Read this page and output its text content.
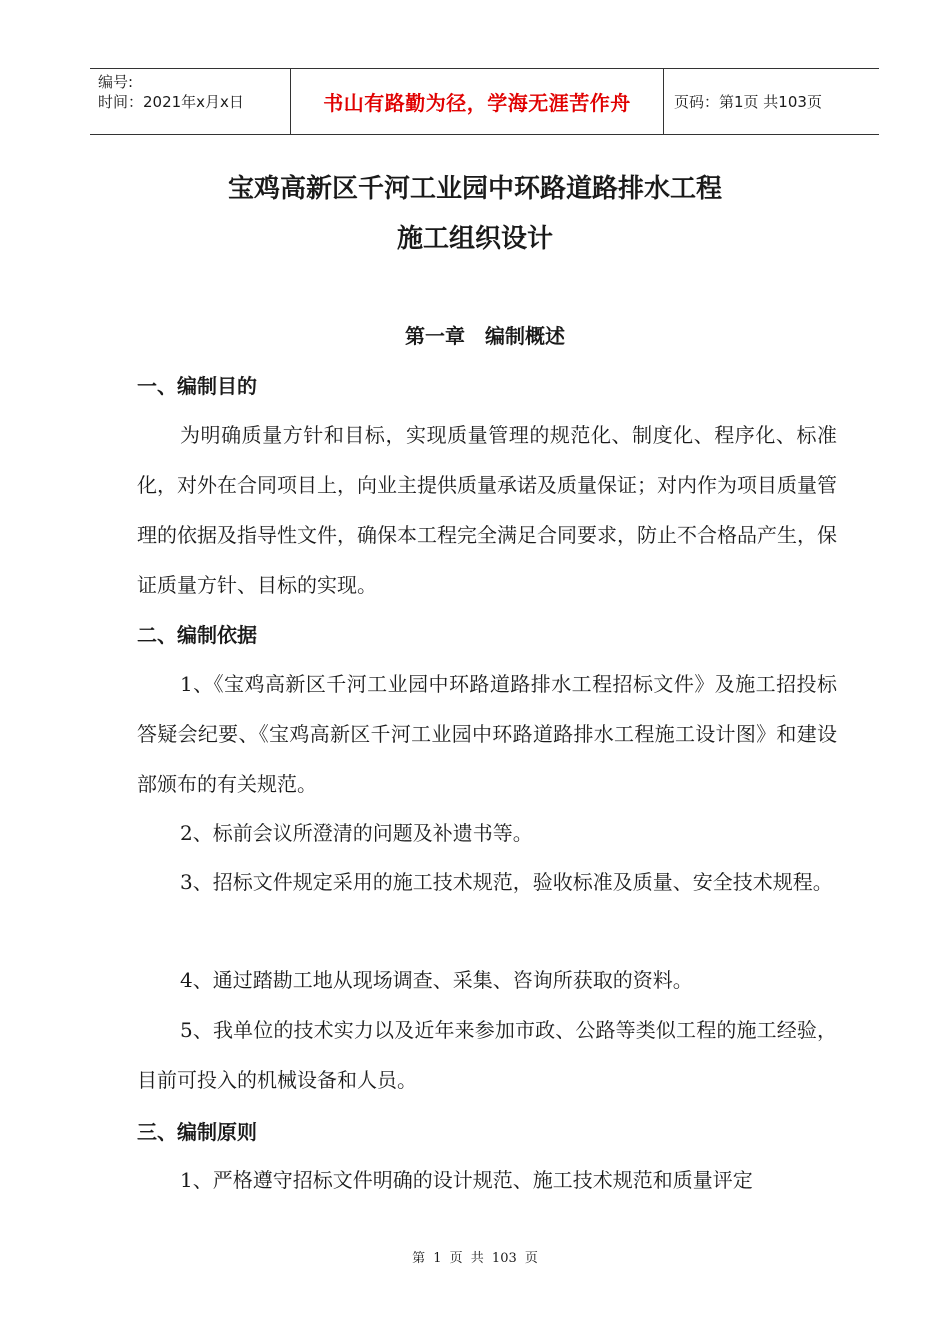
编号:
时间：2021年x月x日	书山有路勤为径，学海无涯苦作舟	页码：第1页 共103页
宝鸡高新区千河工业园中环路道路排水工程
施工组织设计
第一章　编制概述
一、编制目的
为明确质量方针和目标，实现质量管理的规范化、制度化、程序化、标准化，对外在合同项目上，向业主提供质量承诺及质量保证；对内作为项目质量管理的依据及指导性文件，确保本工程完全满足合同要求，防止不合格品产生，保证质量方针、目标的实现。
二、编制依据
1、《宝鸡高新区千河工业园中环路道路排水工程招标文件》及施工招投标答疑会纪要、《宝鸡高新区千河工业园中环路道路排水工程施工设计图》和建设部颁布的有关规范。
2、标前会议所澄清的问题及补遗书等。
3、招标文件规定采用的施工技术规范，验收标准及质量、安全技术规程。
4、通过踏勘工地从现场调查、采集、咨询所获取的资料。
5、我单位的技术实力以及近年来参加市政、公路等类似工程的施工经验，目前可投入的机械设备和人员。
三、编制原则
1、严格遵守招标文件明确的设计规范、施工技术规范和质量评定
第 1 页 共 103 页
